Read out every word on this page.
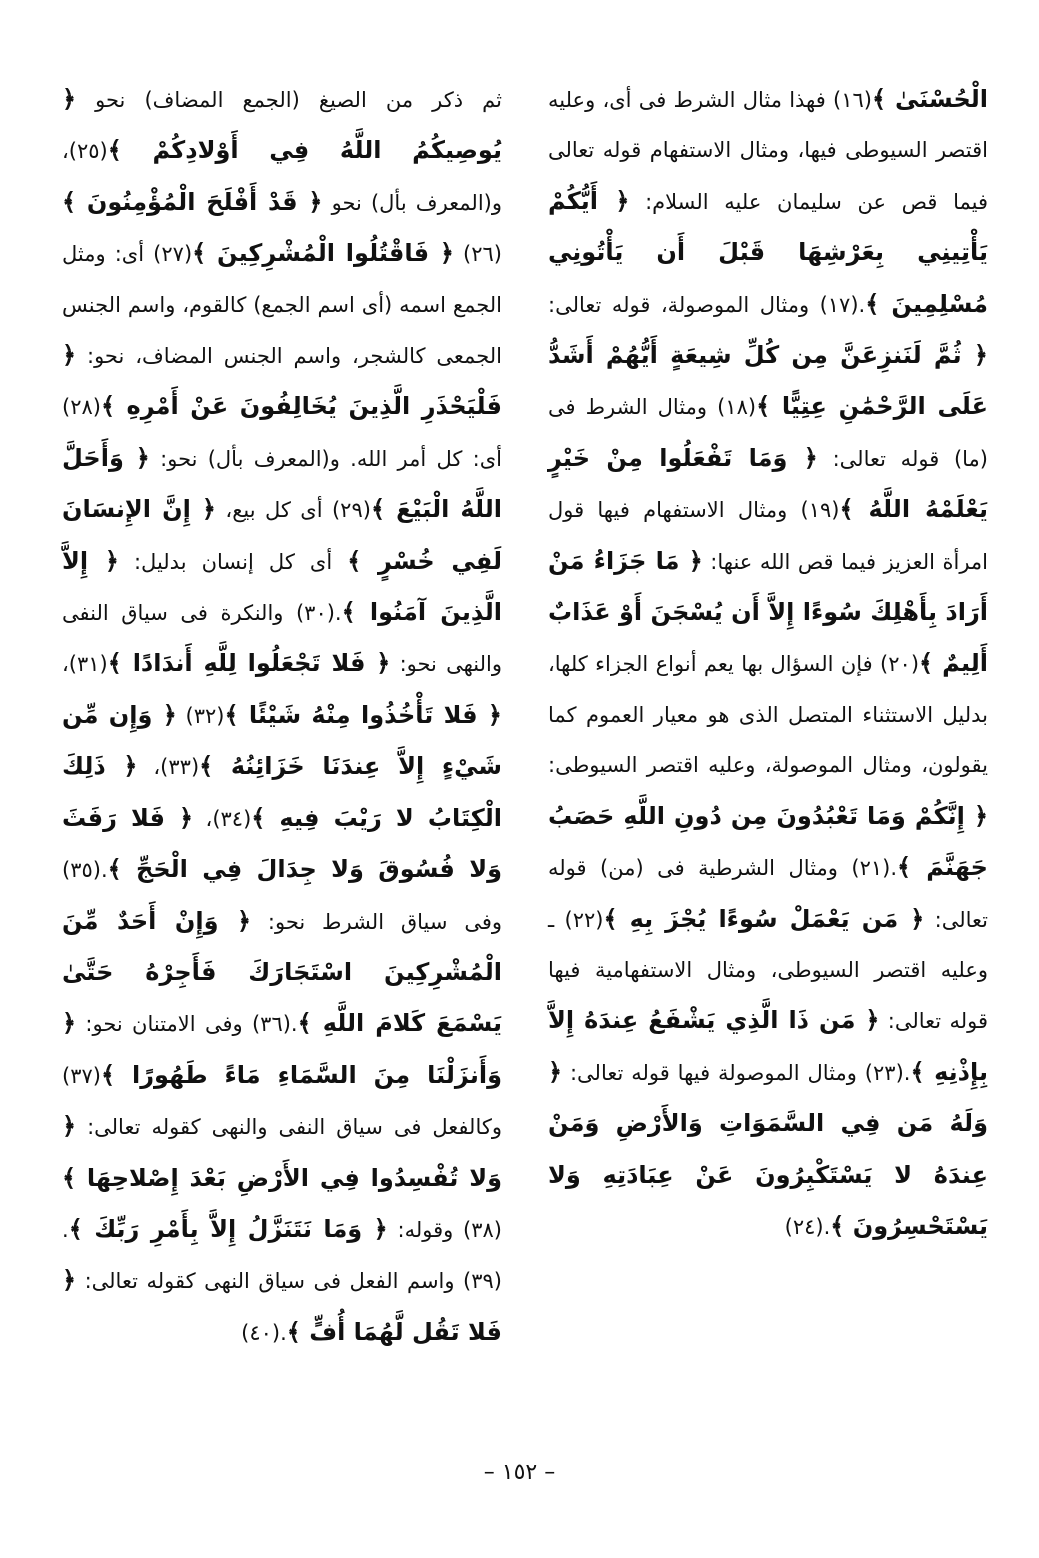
الْحُسْنَىٰ ﴾(١٦) فهذا مثال الشرط فى أى، وعليه اقتصر السيوطى فيها، ومثال الاستفهام قوله تعالى فيما قص عن سليمان عليه السلام: ﴿ أَيُّكُمْ يَأْتِينِي بِعَرْشِهَا قَبْلَ أَن يَأْتُونِي مُسْلِمِينَ ﴾.(١٧) ومثال الموصولة، قوله تعالى: ﴿ ثُمَّ لَنَنزِعَنَّ مِن كُلِّ شِيعَةٍ أَيُّهُمْ أَشَدُّ عَلَى الرَّحْمَٰنِ عِتِيًّا ﴾(١٨) ومثال الشرط فى (ما) قوله تعالى: ﴿ وَمَا تَفْعَلُوا مِنْ خَيْرٍ يَعْلَمْهُ اللَّهُ ﴾(١٩) ومثال الاستفهام فيها قول امرأة العزيز فيما قص الله عنها: ﴿ مَا جَزَاءُ مَنْ أَرَادَ بِأَهْلِكَ سُوءًا إِلاَّ أَن يُسْجَنَ أَوْ عَذَابٌ أَلِيمٌ ﴾(٢٠) فإن السؤال بها يعم أنواع الجزاء كلها، بدليل الاستثناء المتصل الذى هو معيار العموم كما يقولون، ومثال الموصولة، وعليه اقتصر السيوطى: ﴿ إِنَّكُمْ وَمَا تَعْبُدُونَ مِن دُونِ اللَّهِ حَصَبُ جَهَنَّمَ ﴾.(٢١) ومثال الشرطية فى (من) قوله تعالى: ﴿ مَن يَعْمَلْ سُوءًا يُجْزَ بِهِ ﴾(٢٢) ـ وعليه اقتصر السيوطى، ومثال الاستفهامية فيها قوله تعالى: ﴿ مَن ذَا الَّذِي يَشْفَعُ عِندَهُ إِلاَّ بِإِذْنِهِ ﴾.(٢٣) ومثال الموصولة فيها قوله تعالى: ﴿ وَلَهُ مَن فِي السَّمَوَاتِ وَالأَرْضِ وَمَنْ عِندَهُ لا يَسْتَكْبِرُونَ عَنْ عِبَادَتِهِ وَلا يَسْتَحْسِرُونَ ﴾.(٢٤)

ثم ذكر من الصيغ (الجمع المضاف) نحو ﴿ يُوصِيكُمُ اللَّهُ فِي أَوْلادِكُمْ ﴾(٢٥)، و(المعرف بأل) نحو ﴿ قَدْ أَفْلَحَ الْمُؤْمِنُونَ ﴾(٢٦) ﴿ فَاقْتُلُوا الْمُشْرِكِينَ ﴾(٢٧) أى: ومثل الجمع اسمه (أى اسم الجمع) كالقوم، واسم الجنس الجمعى كالشجر، واسم الجنس المضاف، نحو: ﴿ فَلْيَحْذَرِ الَّذِينَ يُخَالِفُونَ عَنْ أَمْرِهِ ﴾(٢٨) أى: كل أمر الله. و(المعرف بأل) نحو: ﴿ وَأَحَلَّ اللَّهُ الْبَيْعَ ﴾(٢٩) أى كل بيع، ﴿ إِنَّ الإِنسَانَ لَفِي خُسْرٍ ﴾ أى كل إنسان بدليل: ﴿ إِلاَّ الَّذِينَ آمَنُوا ﴾.(٣٠) والنكرة فى سياق النفى والنهى نحو: ﴿ فَلا تَجْعَلُوا لِلَّهِ أَندَادًا ﴾(٣١)، ﴿ فَلا تَأْخُذُوا مِنْهُ شَيْئًا ﴾(٣٢) ﴿ وَإِن مِّن شَيْءٍ إِلاَّ عِندَنَا خَزَائِنُهُ ﴾(٣٣)، ﴿ ذَلِكَ الْكِتَابُ لا رَيْبَ فِيهِ ﴾(٣٤)، ﴿ فَلا رَفَثَ وَلا فُسُوقَ وَلا جِدَالَ فِي الْحَجِّ ﴾.(٣٥) وفى سياق الشرط نحو: ﴿ وَإِنْ أَحَدٌ مِّنَ الْمُشْرِكِينَ اسْتَجَارَكَ فَأَجِرْهُ حَتَّىٰ يَسْمَعَ كَلامَ اللَّهِ ﴾.(٣٦) وفى الامتنان نحو: ﴿ وَأَنزَلْنَا مِنَ السَّمَاءِ مَاءً طَهُورًا ﴾(٣٧) وكالفعل فى سياق النفى والنهى كقوله تعالى: ﴿ وَلا تُفْسِدُوا فِي الأَرْضِ بَعْدَ إِصْلاحِهَا ﴾(٣٨) وقوله: ﴿ وَمَا نَتَنَزَّلُ إِلاَّ بِأَمْرِ رَبِّكَ ﴾.(٣٩) واسم الفعل فى سياق النهى كقوله تعالى: ﴿ فَلا تَقُل لَّهُمَا أُفٍّ ﴾.(٤٠)

– ١٥٢ –
